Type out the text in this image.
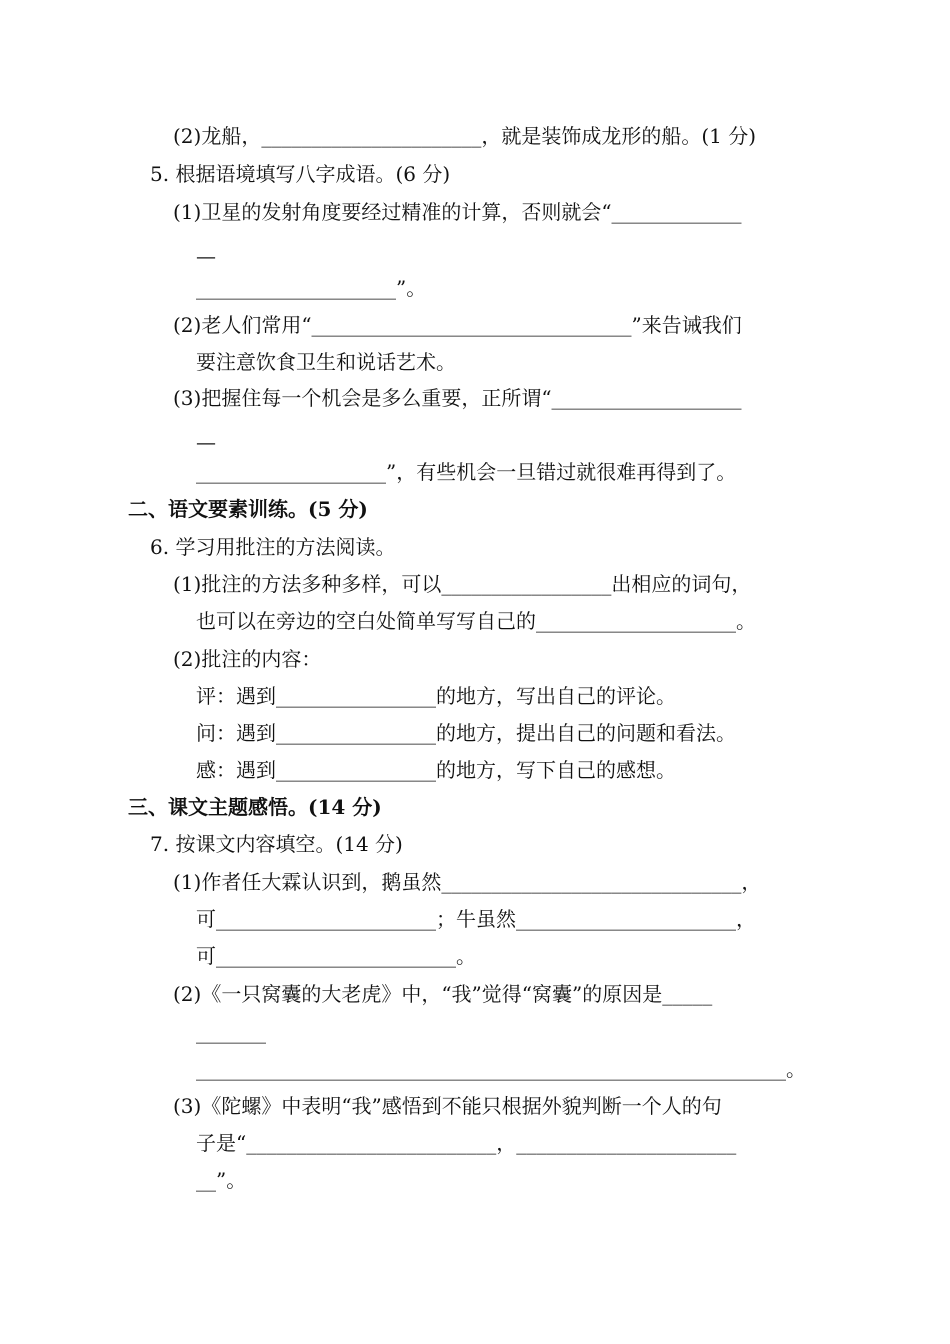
(2)龙船，______________________，就是装饰成龙形的船。(1 分)
5. 根据语境填写八字成语。(6 分)
(1)卫星的发射角度要经过精准的计算，否则就会“_____________
—
____________________”。
(2)老人们常用“________________________________”来告诫我们
要注意饮食卫生和说话艺术。
(3)把握住每一个机会是多么重要，正所谓“___________________
—
___________________”，有些机会一旦错过就很难再得到了。
二、语文要素训练。(5 分)
6. 学习用批注的方法阅读。
(1)批注的方法多种多样，可以_________________出相应的词句，
也可以在旁边的空白处简单写写自己的____________________。
(2)批注的内容：
评：遇到________________的地方，写出自己的评论。
问：遇到________________的地方，提出自己的问题和看法。
感：遇到________________的地方，写下自己的感想。
三、课文主题感悟。(14 分)
7. 按课文内容填空。(14 分)
(1)作者任大霖认识到，鹅虽然______________________________，
可______________________；牛虽然______________________，
可________________________。
(2)《一只窝囊的大老虎》中，“我”觉得“窝囊”的原因是_____
_______
___________________________________________________________。
(3)《陀螺》中表明“我”感悟到不能只根据外貌判断一个人的句
子是“_________________________，______________________
__”。
